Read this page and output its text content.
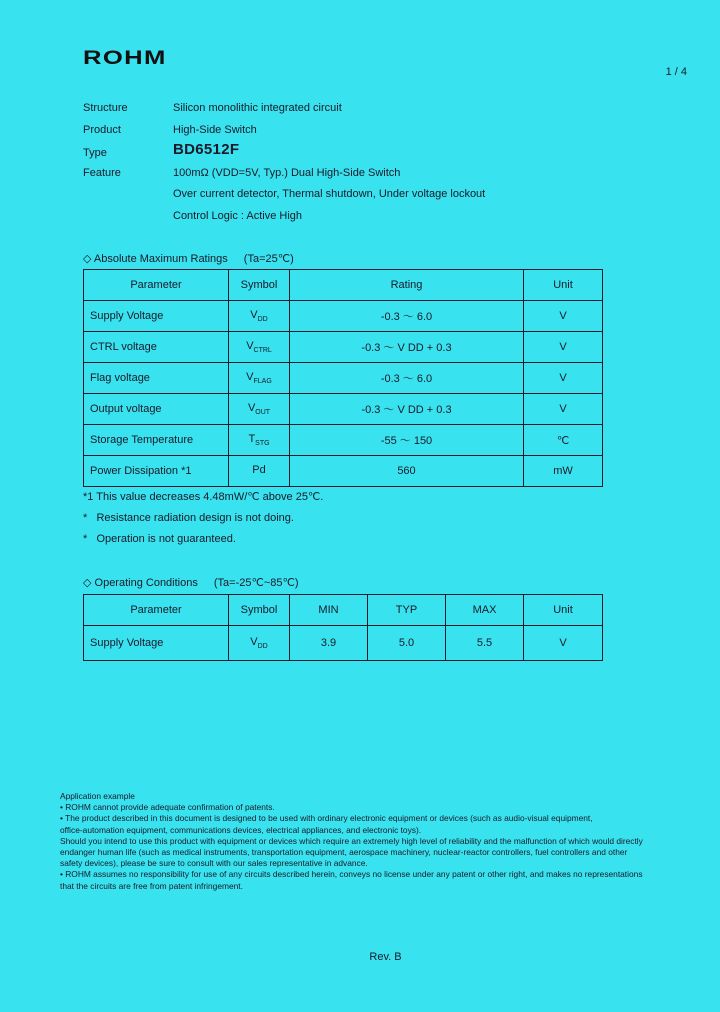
ROHM
1 / 4
Structure	Silicon monolithic integrated circuit
Product	High-Side Switch
Type	BD6512F
Feature	100mΩ (VDD=5V, Typ.) Dual High-Side Switch
Over current detector, Thermal shutdown, Under voltage lockout
Control Logic : Active High
◇ Absolute Maximum Ratings (Ta=25℃)
Parameter	Symbol	Rating	Unit
Supply Voltage	$V_{DD}$	-0.3 ～ 6.0	V
CTRL voltage	$V_{CTRL}$	-0.3 ～ V DD + 0.3	V
Flag voltage	$V_{FLAG}$	-0.3 ～ 6.0	V
Output voltage	$V_{OUT}$	-0.3 ～ V DD + 0.3	V
Storage Temperature	$T_{STG}$	-55 ～ 150	℃
Power Dissipation *1	Pd	560	mW
*1 This value decreases 4.48mW/℃ above 25℃.
*   Resistance radiation design is not doing.
*   Operation is not guaranteed.
◇ Operating Conditions (Ta=-25℃~85℃)
Parameter	Symbol	MIN	TYP	MAX	Unit
Supply Voltage	$V_{DD}$	3.9	5.0	5.5	V
Application example
• ROHM cannot provide adequate confirmation of patents.
• The product described in this document is designed to be used with ordinary electronic equipment or devices (such as audio-visual equipment,
office-automation equipment, communications devices, electrical appliances, and electronic toys).
Should you intend to use this product with equipment or devices which require an extremely high level of reliability and the malfunction of which would directly
endanger human life (such as medical instruments, transportation equipment, aerospace machinery, nuclear-reactor controllers, fuel controllers and other
safety devices), please be sure to consult with our sales representative in advance.
• ROHM assumes no responsibility for use of any circuits described herein, conveys no license under any patent or other right, and makes no representations
that the circuits are free from patent infringement.
Rev. B
